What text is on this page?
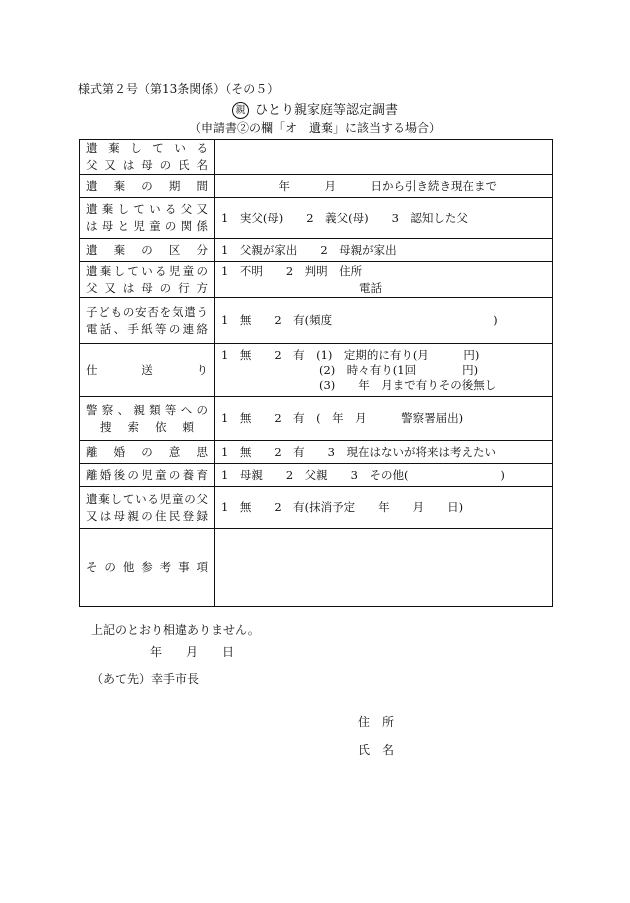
様式第２号（第13条関係）（その５）
親 ひとり親家庭等認定調書
（申請書②の欄「オ　遺棄」に該当する場合）
遺棄している
父又は母の氏名	

遺棄の期間	　　　　　年　　　月　　　日から引き続き現在まで

遺棄している父又
は母と児童の関係	1　実父(母)　　2　義父(母)　　3　認知した父

遺棄の区分	1　父親が家出　　2　母親が家出

遺棄している児童の
父又は母の行方	1　不明　　2　判明　住所
　　　　　　　　　　　　電話

子どもの安否を気遣う
電話、手紙等の連絡	1　無　　2　有(頻度　　　　　　　　　　　　　　)

仕送り	1　無　　2　有　(1)　定期的に有り(月　　　円)
(2)　時々有り(1回　　　　円)
(3)　　年　月まで有りその後無し

警察、親類等への
捜索依頼	1　無　　2　有　(　年　月　　　警察署届出)

離婚の意思	1　無　　2　有　　3　現在はないが将来は考えたい

離婚後の児童の養育	1　母親　　2　父親　　3　その他(　　　　　　　　)

遺棄している児童の父
又は母親の住民登録	1　無　　2　有(抹消予定　　年　　月　　日)

その他参考事項	

上記のとおり相違ありません。
年　　月　　日
（あて先）幸手市長
住　所
氏　名
